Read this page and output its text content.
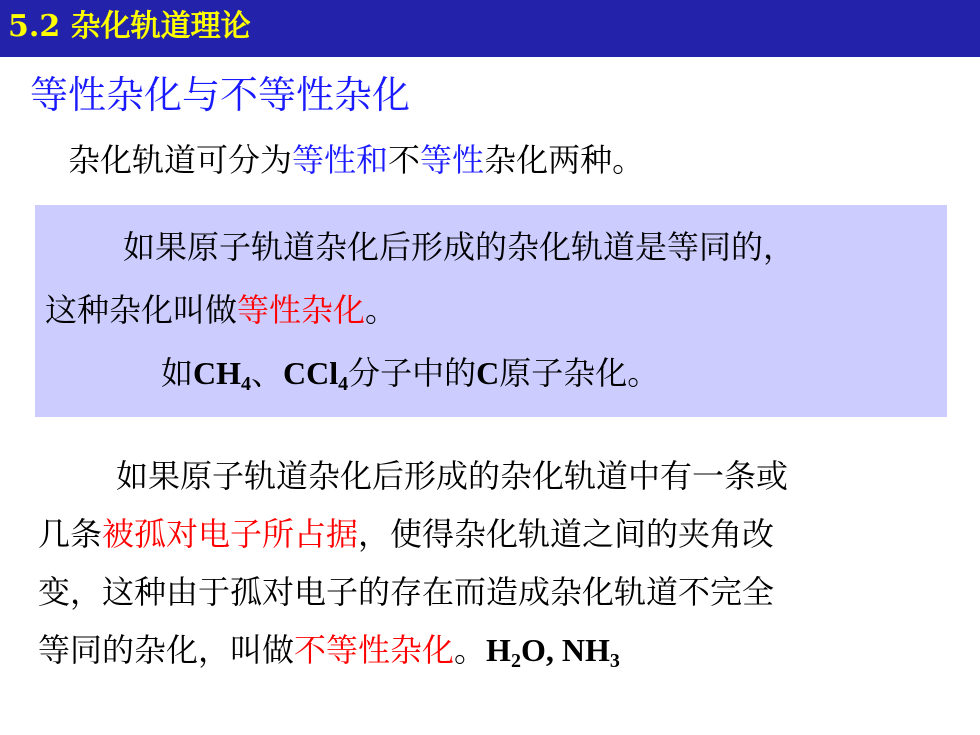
5.2 杂化轨道理论
等性杂化与不等性杂化
杂化轨道可分为等性和不等性杂化两种。
如果原子轨道杂化后形成的杂化轨道是等同的，
这种杂化叫做等性杂化。
如$CH_4$、CCl$_4$分子中的C原子杂化。
如果原子轨道杂化后形成的杂化轨道中有一条或
几条被孤对电子所占据，使得杂化轨道之间的夹角改
变，这种由于孤对电子的存在而造成杂化轨道不完全
等同的杂化，叫做不等性杂化。$H_2O$, $NH_3$
